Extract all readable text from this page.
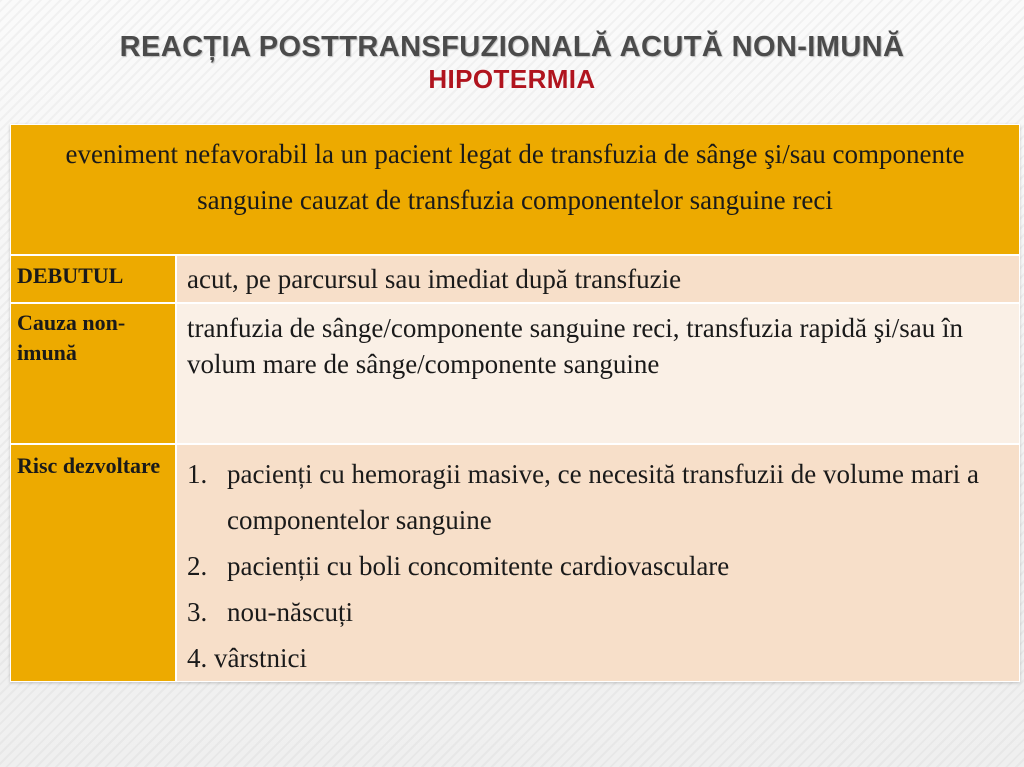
REACȚIA POSTTRANSFUZIONALĂ ACUTĂ NON-IMUNĂ
HIPOTERMIA

eveniment nefavorabil la un pacient legat de transfuzia de sânge şi/sau componente sanguine cauzat de transfuzia componentelor sanguine reci

DEBUTUL	acut, pe parcursul sau imediat după transfuzie
Cauza non-imună
tranfuzia de sânge/componente sanguine reci, transfuzia rapidă şi/sau în volum mare de sânge/componente sanguine
Risc dezvoltare 1. pacienți cu hemoragii masive, ce necesită transfuzii de volume mari a componentelor sanguine
2. pacienții cu boli concomitente cardiovasculare
3. nou-născuți
4. vârstnici
